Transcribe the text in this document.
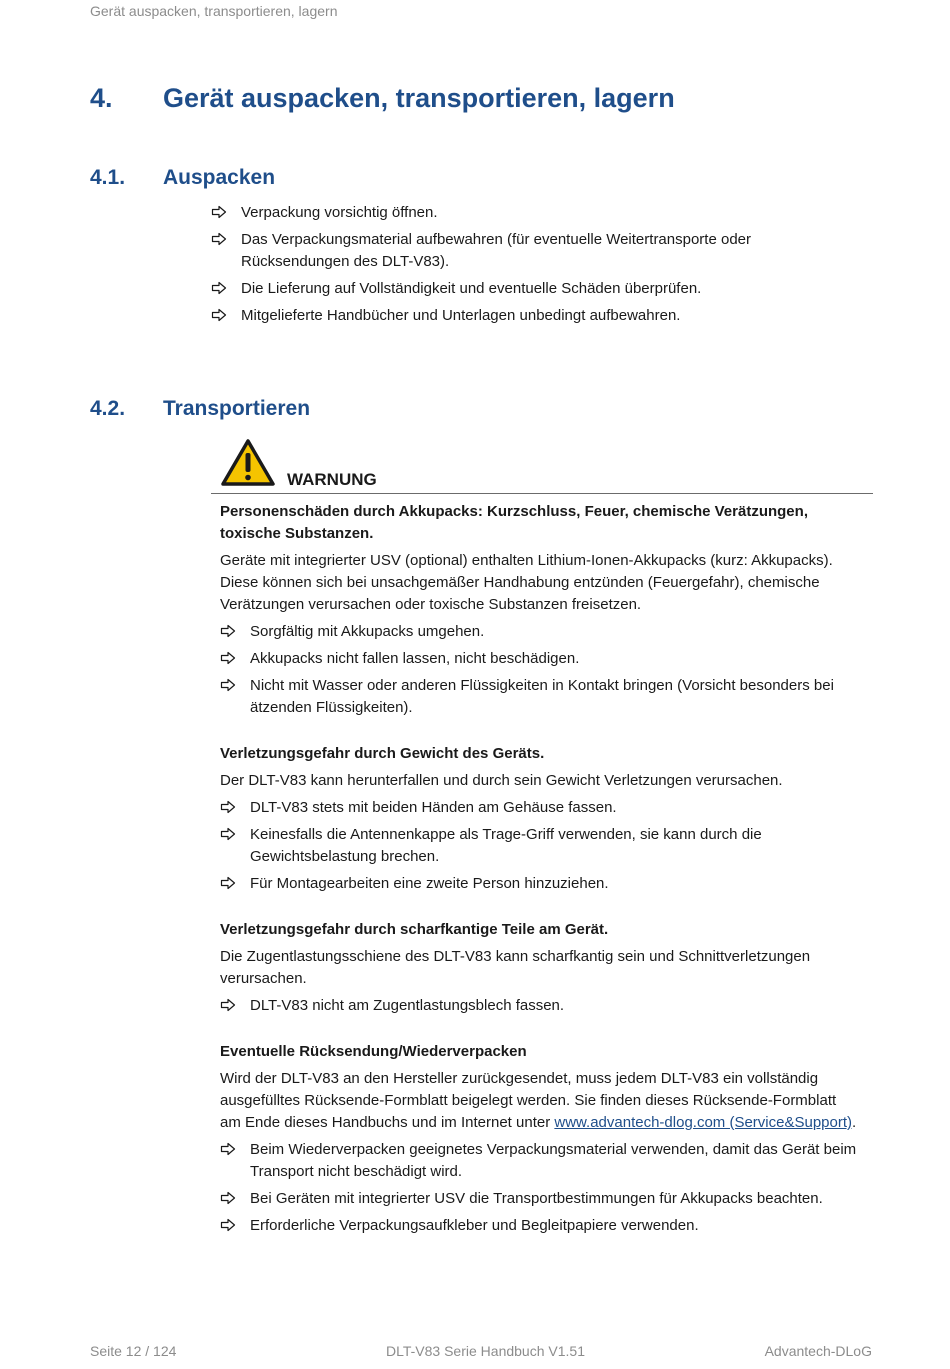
Gerät auspacken, transportieren, lagern
4. Gerät auspacken, transportieren, lagern
4.1. Auspacken
Verpackung vorsichtig öffnen.
Das Verpackungsmaterial aufbewahren (für eventuelle Weitertransporte oder Rücksendungen des DLT-V83).
Die Lieferung auf Vollständigkeit und eventuelle Schäden überprüfen.
Mitgelieferte Handbücher und Unterlagen unbedingt aufbewahren.
4.2. Transportieren
WARNUNG

Personenschäden durch Akkupacks: Kurzschluss, Feuer, chemische Verätzungen, toxische Substanzen.

Geräte mit integrierter USV (optional) enthalten Lithium-Ionen-Akkupacks (kurz: Akkupacks). Diese können sich bei unsachgemäßer Handhabung entzünden (Feuergefahr), chemische Verätzungen verursachen oder toxische Substanzen freisetzen.

Sorgfältig mit Akkupacks umgehen.
Akkupacks nicht fallen lassen, nicht beschädigen.
Nicht mit Wasser oder anderen Flüssigkeiten in Kontakt bringen (Vorsicht besonders bei ätzenden Flüssigkeiten).

Verletzungsgefahr durch Gewicht des Geräts.

Der DLT-V83 kann herunterfallen und durch sein Gewicht Verletzungen verursachen.

DLT-V83 stets mit beiden Händen am Gehäuse fassen.
Keinesfalls die Antennenkappe als Trage-Griff verwenden, sie kann durch die Gewichtsbelastung brechen.
Für Montagearbeiten eine zweite Person hinzuziehen.

Verletzungsgefahr durch scharfkantige Teile am Gerät.

Die Zugentlastungsschiene des DLT-V83 kann scharfkantig sein und Schnittverletzungen verursachen.

DLT-V83 nicht am Zugentlastungsblech fassen.

Eventuelle Rücksendung/Wiederverpacken

Wird der DLT-V83 an den Hersteller zurückgesendet, muss jedem DLT-V83 ein vollständig ausgefülltes Rücksende-Formblatt beigelegt werden. Sie finden dieses Rücksende-Formblatt am Ende dieses Handbuchs und im Internet unter www.advantech-dlog.com (Service&Support).

Beim Wiederverpacken geeignetes Verpackungsmaterial verwenden, damit das Gerät beim Transport nicht beschädigt wird.
Bei Geräten mit integrierter USV die Transportbestimmungen für Akkupacks beachten.
Erforderliche Verpackungsaufkleber und Begleitpapiere verwenden.
Seite 12 / 124	DLT-V83 Serie Handbuch V1.51	Advantech-DLoG
